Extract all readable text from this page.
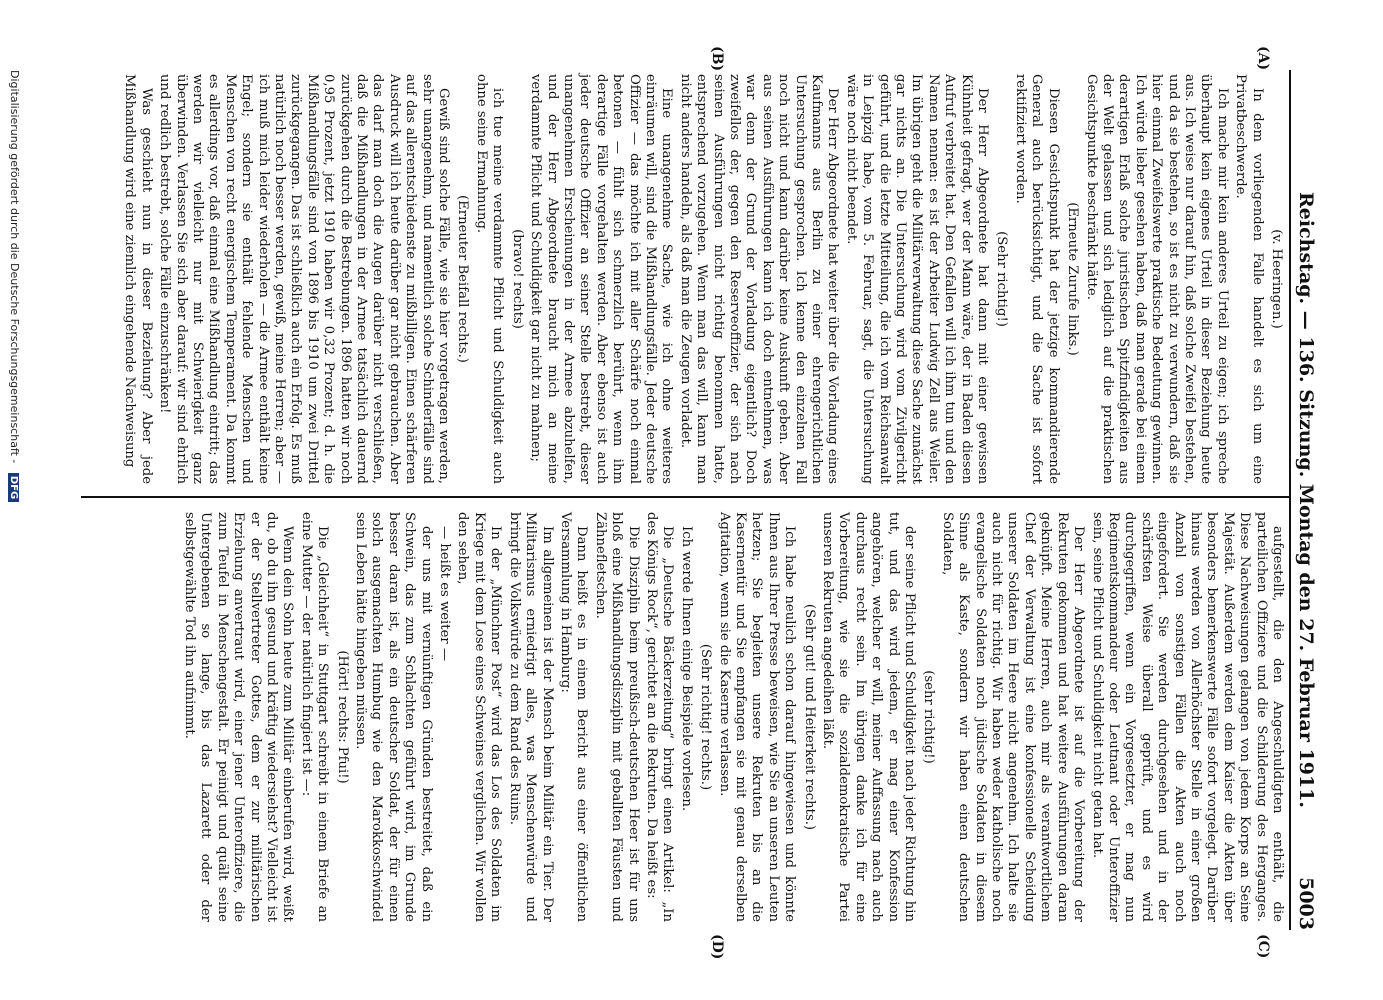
Reichstag. — 136. Sitzung. Montag den 27. Februar 1911.
5003
(A)
(B)
(C)
(D)

(v. Heeringen.)

In dem vorliegenden Falle handelt es sich um eine Privatbeschwerde.

Ich mache mir kein anderes Urteil zu eigen; ich spreche überhaupt kein eigenes Urteil in dieser Beziehung heute aus. Ich weise nur darauf hin, daß solche Zweifel bestehen, und da sie bestehen, so ist es nicht zu verwundern, daß sie hier einmal Zweifelswerte praktische Bedeutung gewinnen. Ich würde lieber gesehen haben, daß man gerade bei einem derartigen Erlaß solche juristischen Spitzfindigkeiten aus der Welt gelassen und sich lediglich auf die praktischen Gesichtspunkte beschränkt hätte.

(Erneute Zurufe links.)

Diesen Gesichtspunkt hat der jetzige kommandierende General auch berücksichtigt, und die Sache ist sofort rektifiziert worden.

(Sehr richtig!)

Der Herr Abgeordnete hat dann mit einer gewissen Kühnheit gefragt, wer der Mann wäre, der in Baden diesen Aufruf verbreitet hat. Den Gefallen will ich ihm tun und den Namen nennen: es ist der Arbeiter Ludwig Zell aus Weiler. Im übrigen geht die Militärverwaltung diese Sache zunächst gar nichts an. Die Untersuchung wird vom Zivilgericht geführt, und die letzte Mitteilung, die ich vom Reichsanwalt in Leipzig habe, vom 5. Februar, sagt, die Untersuchung wäre noch nicht beendet.

Der Herr Abgeordnete hat weiter über die Vorladung eines Kaufmanns aus Berlin zu einer ehrengerichtlichen Untersuchung gesprochen. Ich kenne den einzelnen Fall noch nicht und kann darüber keine Auskunft geben. Aber aus seinen Ausführungen kann ich doch entnehmen, was war denn der Grund der Vorladung eigentlich? Doch zweifellos der, gegen den Reserveoffizier, der sich nach seinen Ausführungen nicht richtig benommen hatte, entsprechend vorzugehen. Wenn man das will, kann man nicht anders handeln, als daß man die Zeugen vorladet.

Eine unangenehme Sache, wie ich ohne weiteres einräumen will, sind die Mißhandlungsfälle. Jeder deutsche Offizier — das möchte ich mit aller Schärfe noch einmal betonen — fühlt sich schmerzlich berührt, wenn ihm derartige Fälle vorgehalten werden. Aber ebenso ist auch jeder deutsche Offizier an seiner Stelle bestrebt, dieser unangenehmen Erscheinungen in der Armee abzuhelfen, und der Herr Abgeordnete braucht mich an meine verdammte Pflicht und Schuldigkeit gar nicht zu mahnen;

(bravo! rechts)

ich tue meine verdammte Pflicht und Schuldigkeit auch ohne seine Ermahnung.

(Erneuter Beifall rechts.)

Gewiß sind solche Fälle, wie sie hier vorgetragen werden, sehr unangenehm, und namentlich solche Schinderfälle sind auf das allerentschiedenste zu mißbilligen. Einen schärferen Ausdruck will ich heute darüber gar nicht gebrauchen. Aber das darf man doch die Augen darüber nicht verschließen, daß die Mißhandlungen in der Armee tatsächlich dauernd zurückgehen durch die Bestrebungen. 1896 hatten wir noch 0,95 Prozent, jetzt 1910 haben wir 0,32 Prozent; d. h. die Mißhandlungsfälle sind von 1896 bis 1910 um zwei Drittel zurückgegangen. Das ist schließlich auch ein Erfolg. Es muß natürlich noch besser werden, gewiß, meine Herren; aber — ich muß mich leider wiederholen — die Armee enthält keine Engel; sondern sie enthält fehlende Menschen und Menschen von recht energischem Temperament. Da kommt es allerdings vor, daß einmal eine Mißhandlung eintritt; das werden wir vielleicht nur mit Schwierigkeit ganz überwinden. Verlassen Sie sich aber darauf: wir sind ehrlich und redlich bestrebt, solche Fälle einzuschränken!

Was geschieht nun in dieser Beziehung? Aber jede Mißhandlung wird eine ziemlich eingehende Nachweisung

aufgestellt, die den Angeschuldigten enthält, die parteilichen Offiziere und die Schilderung des Herganges. Diese Nachweisungen gelangen von jedem Korps an Seine Majestät. Außerdem werden dem Kaiser die Akten über besonders bemerkenswerte Fälle sofort vorgelegt. Darüber hinaus werden von Allerhöchster Stelle in einer großen Anzahl von sonstigen Fällen die Akten auch noch eingefordert. Sie werden durchgesehen und in der schärfsten Weise überall geprüft, und es wird durchgegriffen, wenn ein Vorgesetzter, er mag nun Regimentskommandeur oder Leutnant oder Unteroffizier sein, seine Pflicht und Schuldigkeit nicht getan hat.

Der Herr Abgeordnete ist auf die Vorbereitung der Rekruten gekommen und hat weitere Ausführungen daran geknüpft. Meine Herren, auch mir als verantwortlichem Chef der Verwaltung ist eine konfessionelle Scheidung unserer Soldaten im Heere nicht angenehm. Ich halte sie auch nicht für richtig. Wir haben weder katholische noch evangelische Soldaten noch jüdische Soldaten in diesem Sinne als Kaste, sondern wir haben einen deutschen Soldaten,

(sehr richtig!)

der seine Pflicht und Schuldigkeit nach jeder Richtung hin tut, und das wird jedem, er mag einer Konfession angehören, welcher er will, meiner Auffassung nach auch durchaus recht sein. Im übrigen danke ich für eine Vorbereitung, wie sie die sozialdemokratische Partei unseren Rekruten angedeihen läßt.

(Sehr gut! und Heiterkeit rechts.)

Ich habe neulich schon darauf hingewiesen und könnte Ihnen aus Ihrer Presse beweisen, wie Sie an unseren Leuten hetzen; Sie begleiten unsere Rekruten bis an die Kasernentür und Sie empfangen sie mit genau derselben Agitation, wenn sie die Kaserne verlassen.

(Sehr richtig! rechts.)

Ich werde Ihnen einige Beispiele vorlesen.

Die „Deutsche Bäckerzeitung“ bringt einen Artikel: „In des Königs Rock“, gerichtet an die Rekruten. Da heißt es:

Die Disziplin beim preußisch-deutschen Heer ist für uns bloß eine Mißhandlungsdisziplin mit geballten Fäusten und Zähnefletschen.

Dann heißt es in einem Bericht aus einer öffentlichen Versammlung in Hamburg:

Im allgemeinen ist der Mensch beim Militär ein Tier. Der Militarismus erniedrigt alles, was Menschenwürde und bringt die Volkswürde zu dem Rand des Ruins.

In der „Münchner Post“ wird das Los des Soldaten im Kriege mit dem Lose eines Schweines verglichen. Wir wollen den sehen,

— heißt es weiter —

der uns mit vernünftigen Gründen bestreitet, daß ein Schwein, das zum Schlachten geführt wird, im Grunde besser daran ist, als ein deutscher Soldat, der für einen solch ausgemachten Humbug wie den Marokkoschwindel sein Leben hätte hingeben müssen.

(Hört! rechts: Pfui!)

Die „Gleichheit“ in Stuttgart schreibt in einem Briefe an eine Mutter — der natürlich fingiert ist —:

Wenn dein Sohn heute zum Militär einberufen wird, weißt du, ob du ihn gesund und kräftig wiedersiehst? Vielleicht ist er der Stellvertreter Gottes, dem er zur militärischen Erziehung anvertraut wird, einer jener Unteroffiziere, die zum Teufel in Menschengestalt. Er peinigt und quält seine Untergebenen so lange, bis das Lazarett oder der selbstgewählte Tod ihn aufnimmt.

Digitalisierung gefördert durch die Deutsche Forschungsgemeinschaft - DFG
